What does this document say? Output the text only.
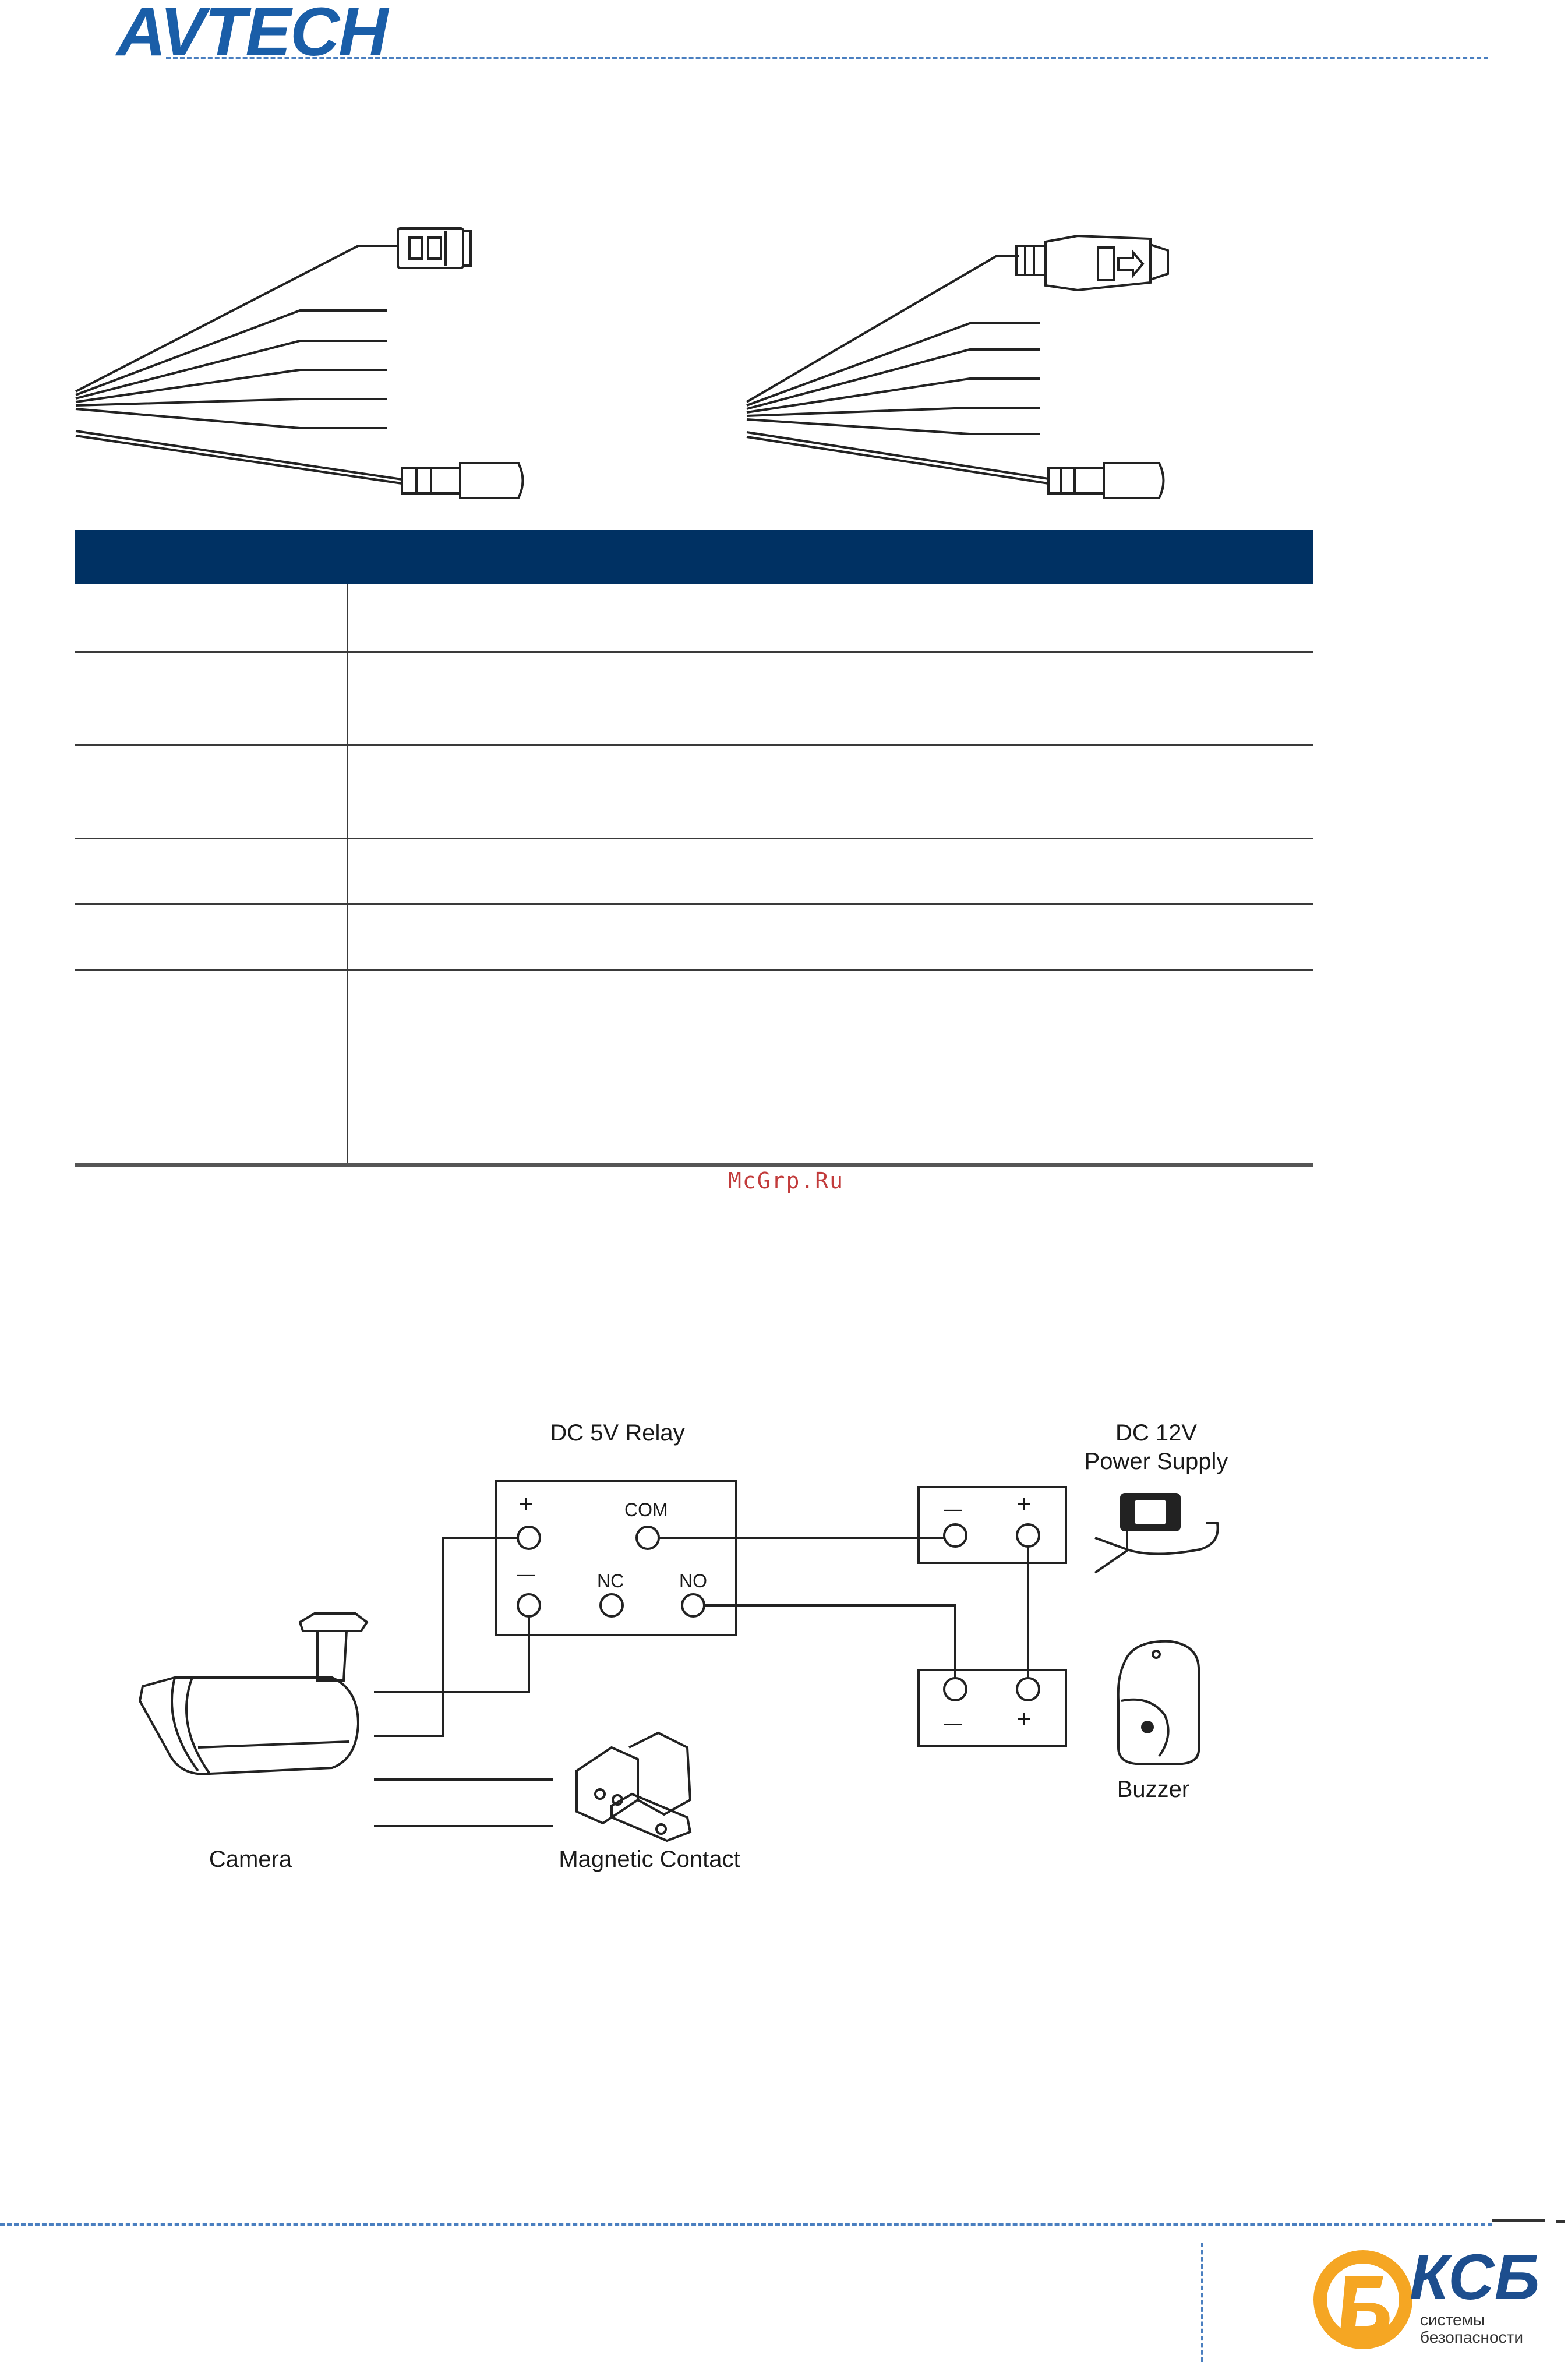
AVTECH

McGrp.Ru
DC 5V Relay	DC 12V
Power Supply
+	COM
—	NC	NO
— +
— +
Camera	Magnetic Contact
Buzzer
КСБ
системы
безопасности
